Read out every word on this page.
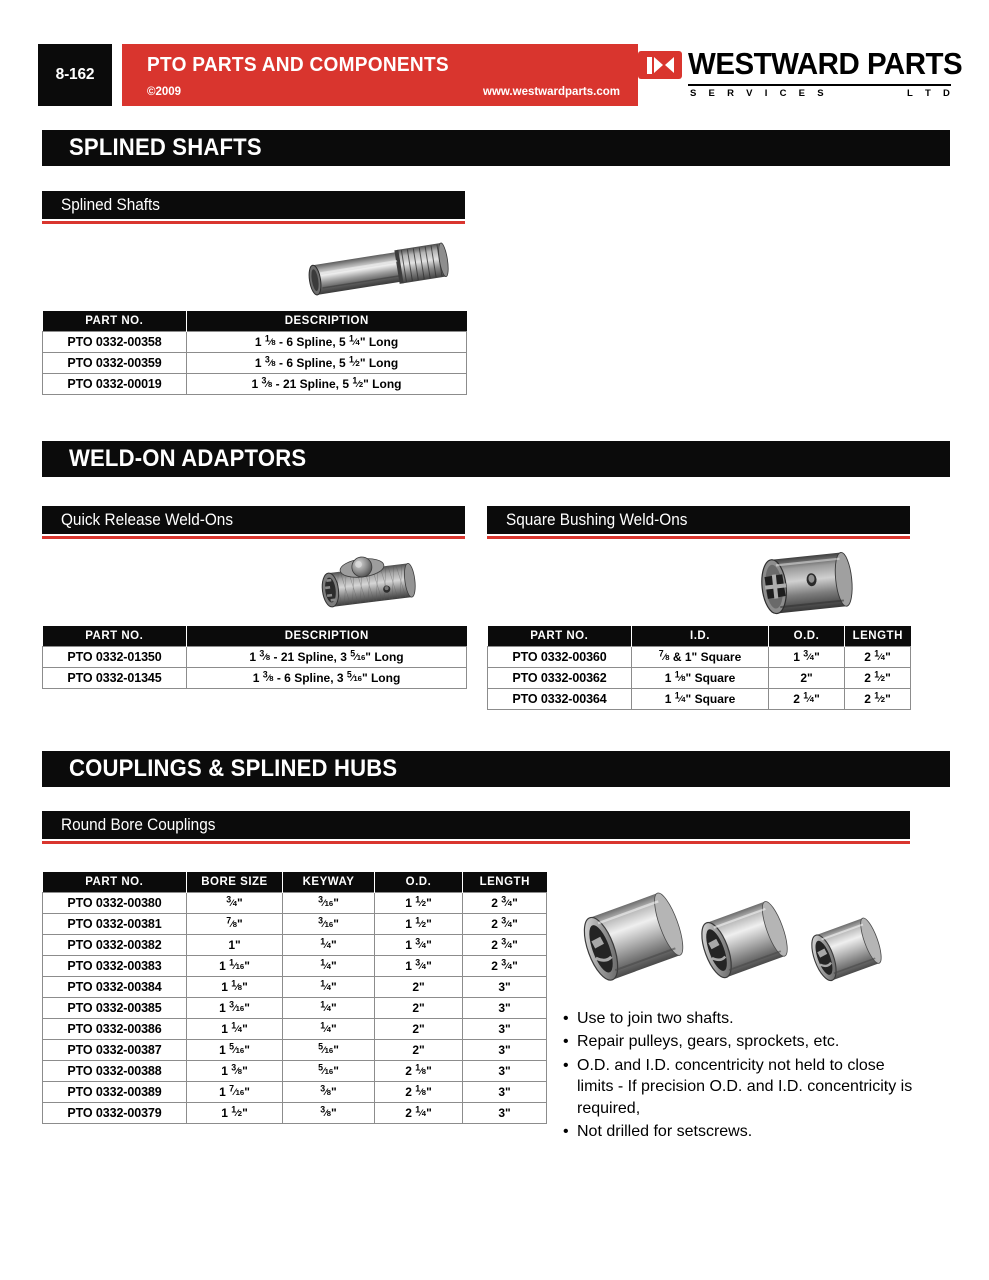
8-162	PTO PARTS AND COMPONENTS
©2009	www.westwardparts.com
WESTWARD PARTS
S E R V I C E S	L T D
SPLINED SHAFTS
Splined Shafts
PART NO.	DESCRIPTION
PTO 0332-00358	1 $^1⁄_8 - 6$ Spline, 5 $^1⁄_4$" Long
PTO 0332-00359	1 $^3⁄_8 - 6$ Spline, 5 $^1⁄_2$" Long
PTO 0332-00019	1 $^3⁄_8 - 21$ Spline, 5 $^1⁄_2$" Long
WELD-ON ADAPTORS
Quick Release Weld-Ons	Square Bushing Weld-Ons
PART NO.	DESCRIPTION
PTO 0332-01350	1 $^3⁄_8 - 21$ Spline, 3 $^5⁄_{16}$" Long
PTO 0332-01345	1 $^3⁄_8 - 6$ Spline, 3 $^5⁄_{16}$" Long
PART NO.	I.D.	O.D.	LENGTH
PTO 0332-00360	$^7⁄_8$ & 1" Square	1 $^3⁄_4$"	2 $^1⁄_4$"
PTO 0332-00362	1 $^1⁄_8$" Square	2"	2 $^1⁄_2$"
PTO 0332-00364	1 $^1⁄_4$" Square	2 $^1⁄_4$"	2 $^1⁄_2$"
COUPLINGS & SPLINED HUBS
Round Bore Couplings
PART NO.	BORE SIZE	KEYWAY	O.D.	LENGTH
PTO 0332-00380	$^3⁄_4$"	$^3⁄_{16}$"	1 $^1⁄_2$"	2 $^3⁄_4$"
PTO 0332-00381	$^7⁄_8$"	$^3⁄_{16}$"	1 $^1⁄_2$"	2 $^3⁄_4$"
PTO 0332-00382	1"	$^1⁄_4$"	1 $^3⁄_4$"	2 $^3⁄_4$"
PTO 0332-00383	1 $^1⁄_{16}$"	$^1⁄_4$"	1 $^3⁄_4$"	2 $^3⁄_4$"
PTO 0332-00384	1 $^1⁄_8$"	$^1⁄_4$"	2"	3"
PTO 0332-00385	1 $^3⁄_{16}$"	$^1⁄_4$"	2"	3"
PTO 0332-00386	1 $^1⁄_4$"	$^1⁄_4$"	2"	3"
PTO 0332-00387	1 $^5⁄_{16}$"	$^5⁄_{16}$"	2"	3"
PTO 0332-00388	1 $^3⁄_8$"	$^5⁄_{16}$"	2 $^1⁄_8$"	3"
PTO 0332-00389	1 $^7⁄_{16}$"	$^3⁄_8$"	2 $^1⁄_8$"	3"
PTO 0332-00379	1 $^1⁄_2$"	$^3⁄_8$"	2 $^1⁄_4$"	3"
• Use to join two shafts.
• Repair pulleys, gears, sprockets, etc.
• O.D. and I.D. concentricity not held to close limits - If precision O.D. and I.D. concentricity is required,
• Not drilled for setscrews.
